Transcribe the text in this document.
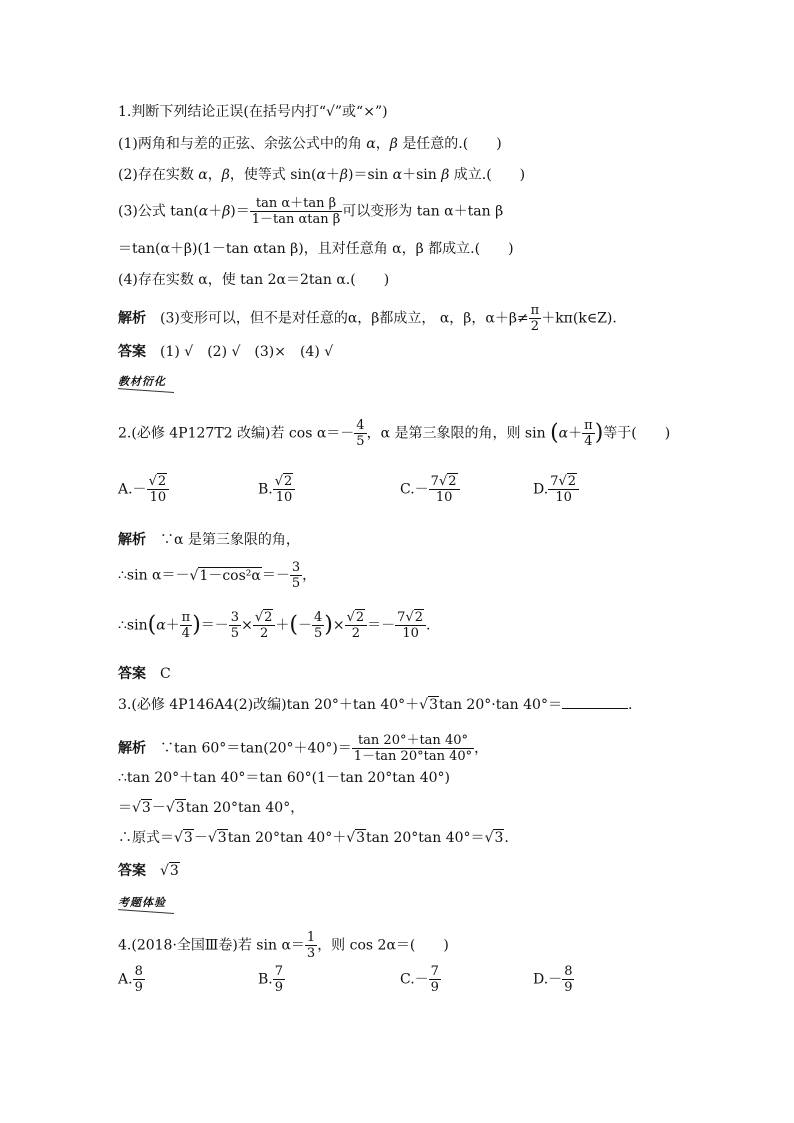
1.判断下列结论正误(在括号内打“√”或“×”)
(1)两角和与差的正弦、余弦公式中的角 α，β 是任意的.(　　)
(2)存在实数 α，β，使等式 sin(α＋β)＝sin α＋sin β 成立.(　　)
(3)公式 $\tan(\alpha+\beta)= \frac{\text{tan α＋tan β}}{\text{1－tan αtan β}}$ 可以变形为 tan α＋tan β
＝tan(α＋β)(1－tan αtan β)，且对任意角 α，β 都成立.(　　)
(4)存在实数 α，使 tan 2α＝2tan α.(　　)
解析　 (3)变形可以，但不是对任意的α，β都成立， α，β，$\alpha+\beta\ne \frac{\pi}{2}$ ＋kπ(k∈Z).
答案　 (1) √　(2) √　(3)×　(4) √
教材衍化
2.(必修 4P127T2 改编)若 $\cos \alpha=- \frac{4}{5}$ ，α 是第三象限的角，则 $\sin (\alpha+ \frac{\pi}{4}$ )等于(　　)
$A.- \frac{√2}{10}$	B. $\frac{√2}{10}$	$C.- \frac{7√2}{10}$	D. $\frac{7√2}{10}$
解析　 ∵α 是第三象限的角，
∴sin $\alpha=-√1-\cos^2\alpha=- \frac{3}{5}$ ，
∴sin(α＋ $\frac{\pi}{4}$ )＝－ $\frac{3}{5} \times \frac{√2}{2}$ ＋(－ $\frac{4}{5}$ )× $\frac{√2}{2} =- \frac{7√2}{10}$ .
答案　 C
3.(必修 4P146A4(2)改编)tan 20°＋tan 40°＋√3tan 20°·tan 40°＝	.
解析　 ∵tan $60^\circ=\tan(20^\circ+40^\circ)= \frac{\tan 20^\circ+\tan 40^\circ}{1-\tan 20^\circ\tan 40^\circ}$ ，
∴tan 20°＋tan 40°＝tan 60°(1－tan 20°tan 40°)
＝√3－√3tan 20°tan 40°，
∴原式＝√3－√3tan 20°tan 40°＋√3tan 20°tan 40°＝√3.
答案　 √3
考题体验
4.(2018·全国Ⅲ卷)若 $\sin \alpha= \frac{1}{3}$ ，则 cos 2α＝(　　)
A. $\frac{8}{9}$	B. $\frac{7}{9}$	$C.- \frac{7}{9}$	$D.- \frac{8}{9}$
